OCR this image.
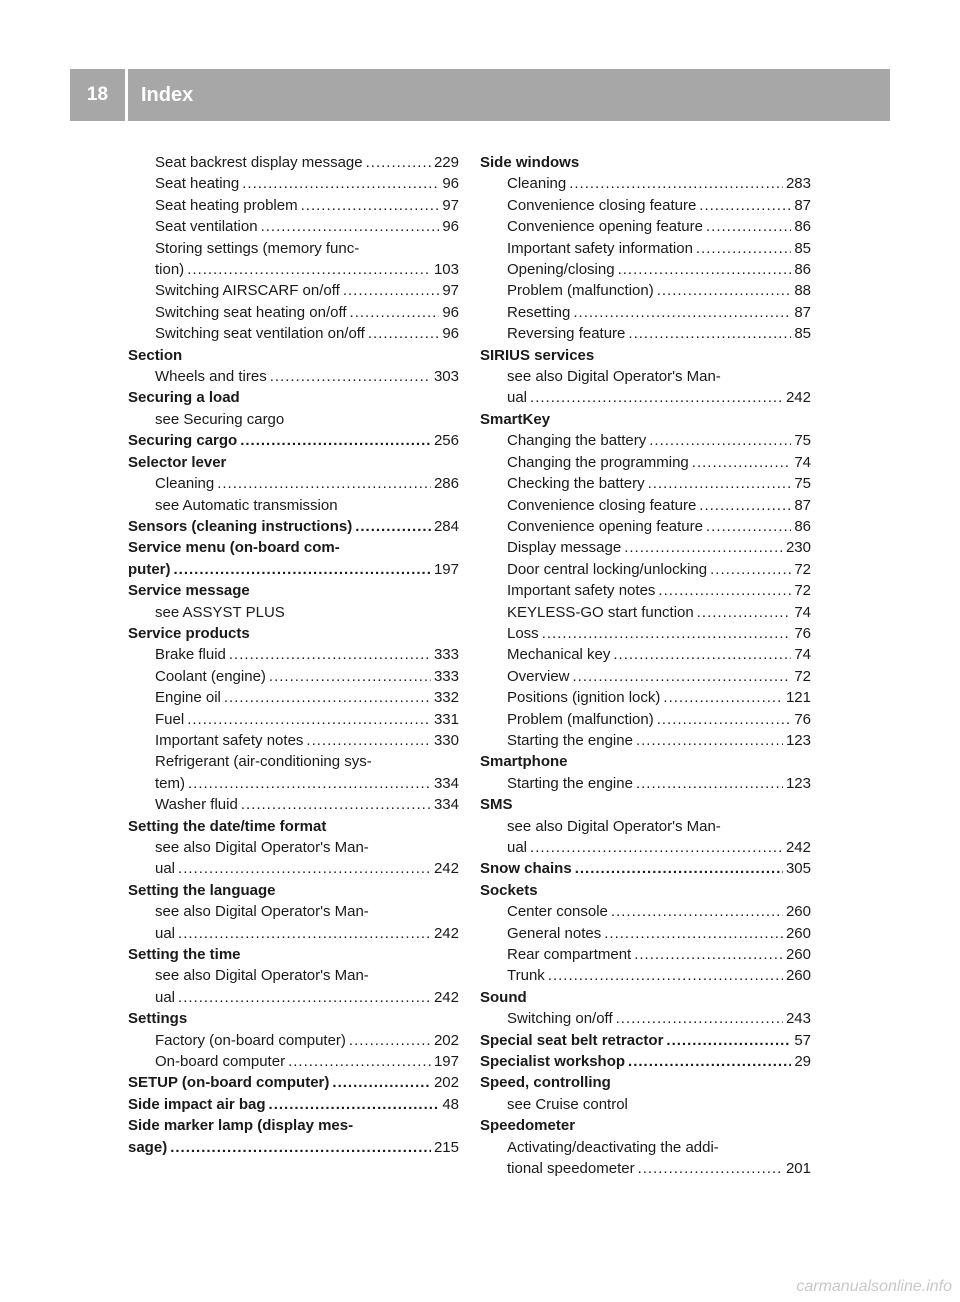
18	Index
Seat backrest display message .....	229
Seat heating .....	96
Seat heating problem .....	97
Seat ventilation .....	96
Storing settings (memory func-
tion) .....	103
Switching AIRSCARF on/off .....	97
Switching seat heating on/off .....	96
Switching seat ventilation on/off .....	96
Section
Wheels and tires .....	303
Securing a load
see Securing cargo
Securing cargo .....	256
Selector lever
Cleaning .....	286
see Automatic transmission
Sensors (cleaning instructions) .....	284
Service menu (on-board com-
puter) .....	197
Service message
see ASSYST PLUS
Service products
Brake fluid .....	333
Coolant (engine) .....	333
Engine oil .....	332
Fuel .....	331
Important safety notes .....	330
Refrigerant (air-conditioning sys-
tem) .....	334
Washer fluid .....	334
Setting the date/time format
see also Digital Operator's Man-
ual .....	242
Setting the language
see also Digital Operator's Man-
ual .....	242
Setting the time
see also Digital Operator's Man-
ual .....	242
Settings
Factory (on-board computer) .....	202
On-board computer .....	197
SETUP (on-board computer) .....	202
Side impact air bag .....	48
Side marker lamp (display mes-
sage) .....	215
Side windows
Cleaning .....	283
Convenience closing feature .....	87
Convenience opening feature .....	86
Important safety information .....	85
Opening/closing .....	86
Problem (malfunction) .....	88
Resetting .....	87
Reversing feature .....	85
SIRIUS services
see also Digital Operator's Man-
ual .....	242
SmartKey
Changing the battery .....	75
Changing the programming .....	74
Checking the battery .....	75
Convenience closing feature .....	87
Convenience opening feature .....	86
Display message .....	230
Door central locking/unlocking .....	72
Important safety notes .....	72
KEYLESS-GO start function .....	74
Loss .....	76
Mechanical key .....	74
Overview .....	72
Positions (ignition lock) .....	121
Problem (malfunction) .....	76
Starting the engine .....	123
Smartphone
Starting the engine .....	123
SMS
see also Digital Operator's Man-
ual .....	242
Snow chains .....	305
Sockets
Center console .....	260
General notes .....	260
Rear compartment .....	260
Trunk .....	260
Sound
Switching on/off .....	243
Special seat belt retractor .....	57
Specialist workshop .....	29
Speed, controlling
see Cruise control
Speedometer
Activating/deactivating the addi-
tional speedometer .....	201
carmanualsonline.info
